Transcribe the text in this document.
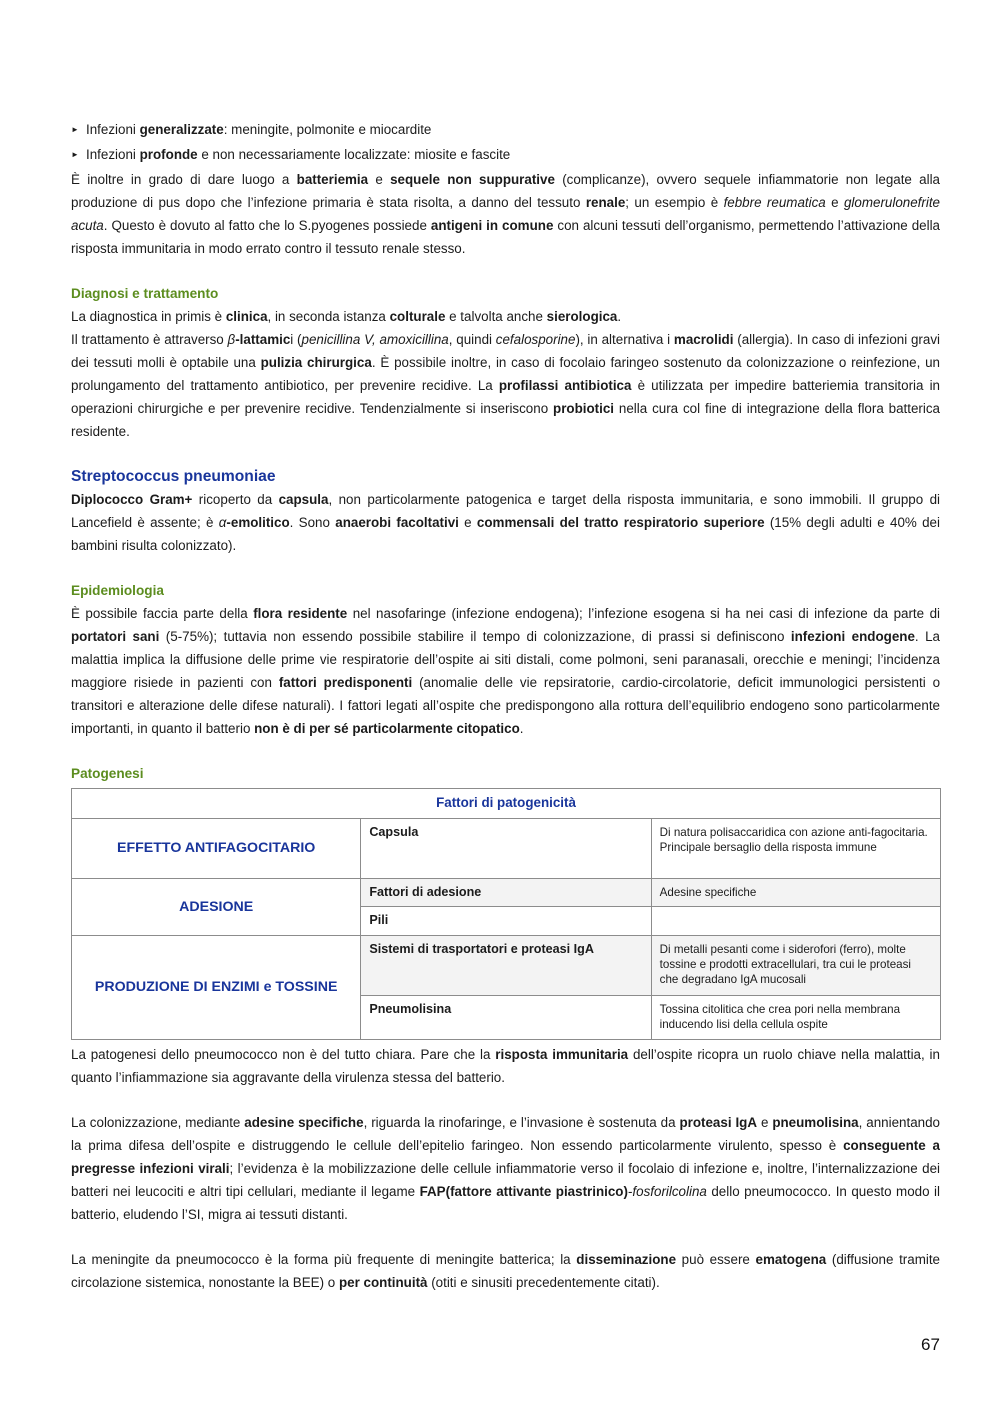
► Infezioni generalizzate: meningite, polmonite e miocardite
► Infezioni profonde e non necessariamente localizzate: miosite e fascite

È inoltre in grado di dare luogo a batteriemia e sequele non suppurative (complicanze), ovvero sequele infiammatorie non legate alla produzione di pus dopo che l’infezione primaria è stata risolta, a danno del tessuto renale; un esempio è febbre reumatica e glomerulonefrite acuta. Questo è dovuto al fatto che lo S.pyogenes possiede antigeni in comune con alcuni tessuti dell’organismo, permettendo l’attivazione della risposta immunitaria in modo errato contro il tessuto renale stesso.

Diagnosi e trattamento

La diagnostica in primis è clinica, in seconda istanza colturale e talvolta anche sierologica.

Il trattamento è attraverso β-lattamici (penicillina V, amoxicillina, quindi cefalosporine), in alternativa i macrolidi (allergia). In caso di infezioni gravi dei tessuti molli è optabile una pulizia chirurgica. È possibile inoltre, in caso di focolaio faringeo sostenuto da colonizzazione o reinfezione, un prolungamento del trattamento antibiotico, per prevenire recidive. La profilassi antibiotica è utilizzata per impedire batteriemia transitoria in operazioni chirurgiche e per prevenire recidive. Tendenzialmente si inseriscono probiotici nella cura col fine di integrazione della flora batterica residente.

Streptococcus pneumoniae

Diplococco Gram+ ricoperto da capsula, non particolarmente patogenica e target della risposta immunitaria, e sono immobili. Il gruppo di Lancefield è assente; è α-emolitico. Sono anaerobi facoltativi e commensali del tratto respiratorio superiore (15% degli adulti e 40% dei bambini risulta colonizzato).

Epidemiologia

È possibile faccia parte della flora residente nel nasofaringe (infezione endogena); l’infezione esogena si ha nei casi di infezione da parte di portatori sani (5-75%); tuttavia non essendo possibile stabilire il tempo di colonizzazione, di prassi si definiscono infezioni endogene. La malattia implica la diffusione delle prime vie respiratorie dell’ospite ai siti distali, come polmoni, seni paranasali, orecchie e meningi; l’incidenza maggiore risiede in pazienti con fattori predisponenti (anomalie delle vie repsiratorie, cardio-circolatorie, deficit immunologici persistenti o transitori e alterazione delle difese naturali). I fattori legati all’ospite che predispongono alla rottura dell’equilibrio endogeno sono particolarmente importanti, in quanto il batterio non è di per sé particolarmente citopatico.

Patogenesi
Fattori di patogenicità		
EFFETTO ANTIFAGOCITARIO	Capsula	Di natura polisaccaridica con azione anti-fagocitaria. Principale bersaglio della risposta immune
ADESIONE	Fattori di adesione	Adesine specifiche
	Pili	
PRODUZIONE DI ENZIMI e TOSSINE	Sistemi di trasportatori e proteasi IgA	Di metalli pesanti come i siderofori (ferro), molte tossine e prodotti extracellulari, tra cui le proteasi che degradano IgA mucosali
	Pneumolisina	Tossina citolitica che crea pori nella membrana inducendo lisi della cellula ospite

La patogenesi dello pneumococco non è del tutto chiara. Pare che la risposta immunitaria dell’ospite ricopra un ruolo chiave nella malattia, in quanto l’infiammazione sia aggravante della virulenza stessa del batterio.

La colonizzazione, mediante adesine specifiche, riguarda la rinofaringe, e l’invasione è sostenuta da proteasi IgA e pneumolisina, annientando la prima difesa dell’ospite e distruggendo le cellule dell’epitelio faringeo. Non essendo particolarmente virulento, spesso è conseguente a pregresse infezioni virali; l’evidenza è la mobilizzazione delle cellule infiammatorie verso il focolaio di infezione e, inoltre, l’internalizzazione dei batteri nei leucociti e altri tipi cellulari, mediante il legame FAP(fattore attivante piastrinico)-fosforilcolina dello pneumococco. In questo modo il batterio, eludendo l’SI, migra ai tessuti distanti.

La meningite da pneumococco è la forma più frequente di meningite batterica; la disseminazione può essere ematogena (diffusione tramite circolazione sistemica, nonostante la BEE) o per continuità (otiti e sinusiti precedentemente citati).

67
